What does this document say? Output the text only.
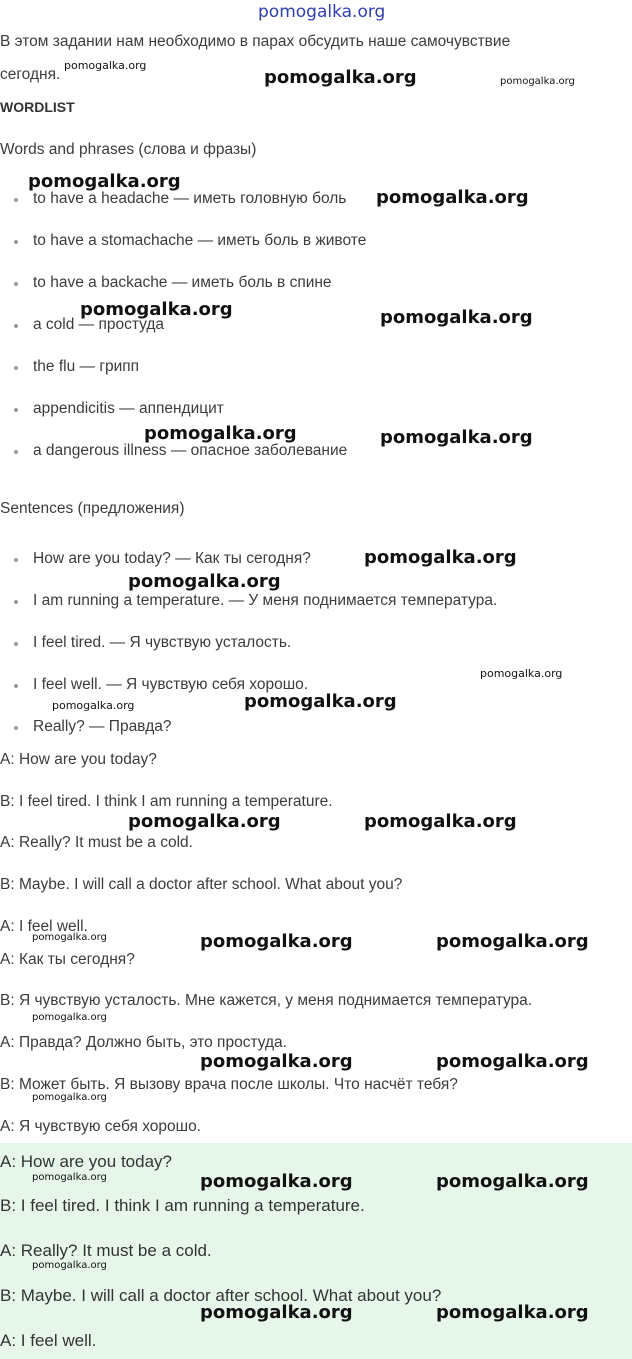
pomogalka.org
В этом задании нам необходимо в парах обсудить наше самочувствие
сегодня.
WORDLIST
Words and phrases (слова и фразы)
to have a headache — иметь головную боль
to have a stomachache — иметь боль в животе
to have a backache — иметь боль в спине
a cold — простуда
the flu — грипп
appendicitis — аппендицит
a dangerous illness — опасное заболевание
Sentences (предложения)
How are you today? — Как ты сегодня?
I am running a temperature. — У меня поднимается температура.
I feel tired. — Я чувствую усталость.
I feel well. — Я чувствую себя хорошо.
Really? — Правда?
A: How are you today?
B: I feel tired. I think I am running a temperature.
A: Really? It must be a cold.
B: Maybe. I will call a doctor after school. What about you?
A: I feel well.
A: Как ты сегодня?
B: Я чувствую усталость. Мне кажется, у меня поднимается температура.
A: Правда? Должно быть, это простуда.
B: Может быть. Я вызову врача после школы. Что насчёт тебя?
A: Я чувствую себя хорошо.
A: How are you today?
B: I feel tired. I think I am running a temperature.
A: Really? It must be a cold.
B: Maybe. I will call a doctor after school. What about you?
A: I feel well.
pomogalka.org
pomogalka.org	pomogalka.org
pomogalka.org
pomogalka.org
pomogalka.org	pomogalka.org
pomogalka.org	pomogalka.org
pomogalka.org
pomogalka.org
pomogalka.org
pomogalka.org
pomogalka.org
pomogalka.org	pomogalka.org
pomogalka.org	pomogalka.org	pomogalka.org
pomogalka.org
pomogalka.org	pomogalka.org
pomogalka.org
pomogalka.org	pomogalka.org	pomogalka.org
pomogalka.org
pomogalka.org	pomogalka.org
